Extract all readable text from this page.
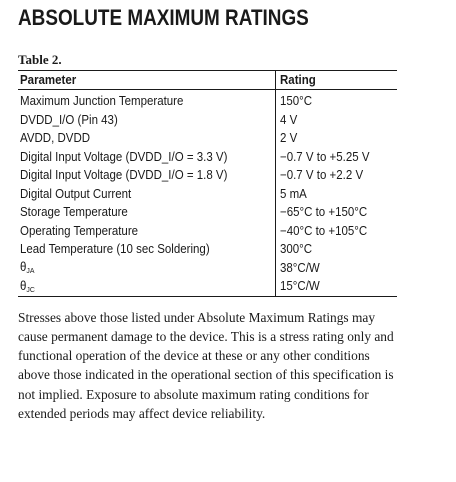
ABSOLUTE MAXIMUM RATINGS
Table 2.
Parameter	Rating
Maximum Junction Temperature	150°C
DVDD_I/O (Pin 43)	4 V
AVDD, DVDD	2 V
Digital Input Voltage (DVDD_I/O = 3.3 V)	−0.7 V to +5.25 V
Digital Input Voltage (DVDD_I/O = 1.8 V)	−0.7 V to +2.2 V
Digital Output Current	5 mA
Storage Temperature	−65°C to +150°C
Operating Temperature	−40°C to +105°C
Lead Temperature (10 sec Soldering)	300°C
$\theta_{JA}$	38°C/W
$\theta_{JC}$	15°C/W

Stresses above those listed under Absolute Maximum Ratings may cause permanent damage to the device. This is a stress rating only and functional operation of the device at these or any other conditions above those indicated in the operational section of this specification is not implied. Exposure to absolute maximum rating conditions for extended periods may affect device reliability.
